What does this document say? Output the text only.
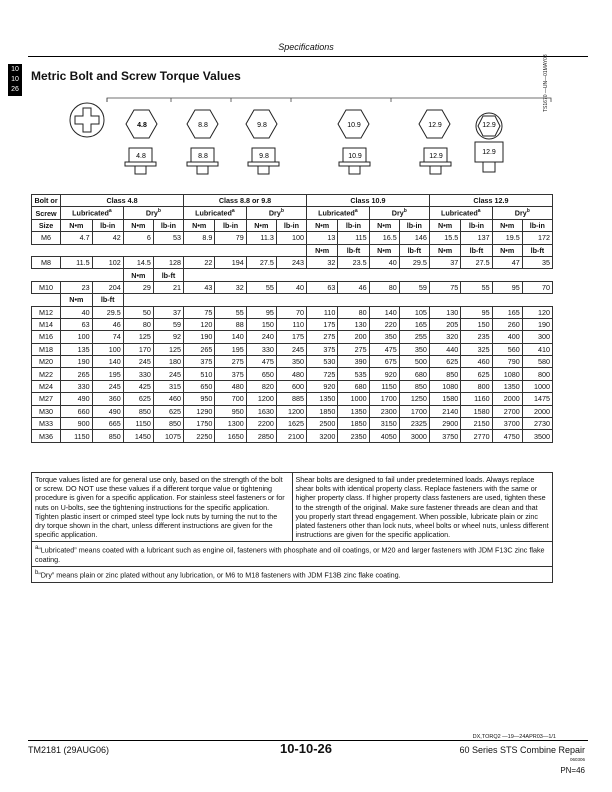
Specifications
10
10
26
Metric Bolt and Screw Torque Values
4.8	8.8	9.8	10.9	12.9	12.9
4.8	8.8	9.8	10.9	12.9
12.9
TS1670 —UN—01MAY03
Bolt or	Class 4.8				Class 8.8 or 9.8				Class 10.9				Class 12.9			
Screw	Lubricated$^a$		Dry$^b$		Lubricated$^a$		Dry$^b$		Lubricated$^a$		Dry$^b$		Lubricated$^a$		Dry$^b$
Size	N•m	lb-in	N•m	lb-in	N•m	lb-in	N•m	lb-in	N•m	lb-in	N•m	lb-in	N•m	lb-in	N•m	lb-in
M6	4.7	42	6	53	8.9	79	11.3	100	13	115	16.5	146	15.5	137	19.5	172
									N•m	lb-ft	N•m	lb-ft	N•m	lb-ft	N•m	lb-ft
M8	11.5	102	14.5	128	22	194	27.5	243	32	23.5	40	29.5	37	27.5	47	35
			N•m	lb-ft												
M10	23	204	29	21	43	32	55	40	63	46	80	59	75	55	95	70
	N•m	lb-ft														
M12	40	29.5	50	37	75	55	95	70	110	80	140	105	130	95	165	120
M14	63	46	80	59	120	88	150	110	175	130	220	165	205	150	260	190
M16	100	74	125	92	190	140	240	175	275	200	350	255	320	235	400	300
M18	135	100	170	125	265	195	330	245	375	275	475	350	440	325	560	410
M20	190	140	245	180	375	275	475	350	530	390	675	500	625	460	790	580
M22	265	195	330	245	510	375	650	480	725	535	920	680	850	625	1080	800
M24	330	245	425	315	650	480	820	600	920	680	1150	850	1080	800	1350	1000
M27	490	360	625	460	950	700	1200	885	1350	1000	1700	1250	1580	1160	2000	1475
M30	660	490	850	625	1290	950	1630	1200	1850	1350	2300	1700	2140	1580	2700	2000
M33	900	665	1150	850	1750	1300	2200	1625	2500	1850	3150	2325	2900	2150	3700	2730
M36	1150	850	1450	1075	2250	1650	2850	2100	3200	2350	4050	3000	3750	2770	4750	3500
Torque values listed are for general use only, based on the strength of the bolt or screw. DO NOT use these values if a different torque value or tightening procedure is given for a specific application. For stainless steel fasteners or for nuts on U-bolts, see the tightening instructions for the specific application. Tighten plastic insert or crimped steel type lock nuts by turning the nut to the dry torque shown in the chart, unless different instructions are given for the specific application.
Shear bolts are designed to fail under predetermined loads. Always replace shear bolts with identical property class. Replace fasteners with the same or higher property class. If higher property class fasteners are used, tighten these to the strength of the original. Make sure fastener threads are clean and that you properly start thread engagement. When possible, lubricate plain or zinc plated fasteners other than lock nuts, wheel bolts or wheel nuts, unless different instructions are given for the specific application.
$^a$“Lubricated” means coated with a lubricant such as engine oil, fasteners with phosphate and oil coatings, or M20 and larger fasteners with JDM F13C zinc flake coating.
$^b$“Dry” means plain or zinc plated without any lubrication, or M6 to M18 fasteners with JDM F13B zinc flake coating.
DX,TORQ2 —19—24APR03—1/1
TM2181 (29AUG06)	10-10-26	60 Series STS Combine Repair
060306
PN=46
